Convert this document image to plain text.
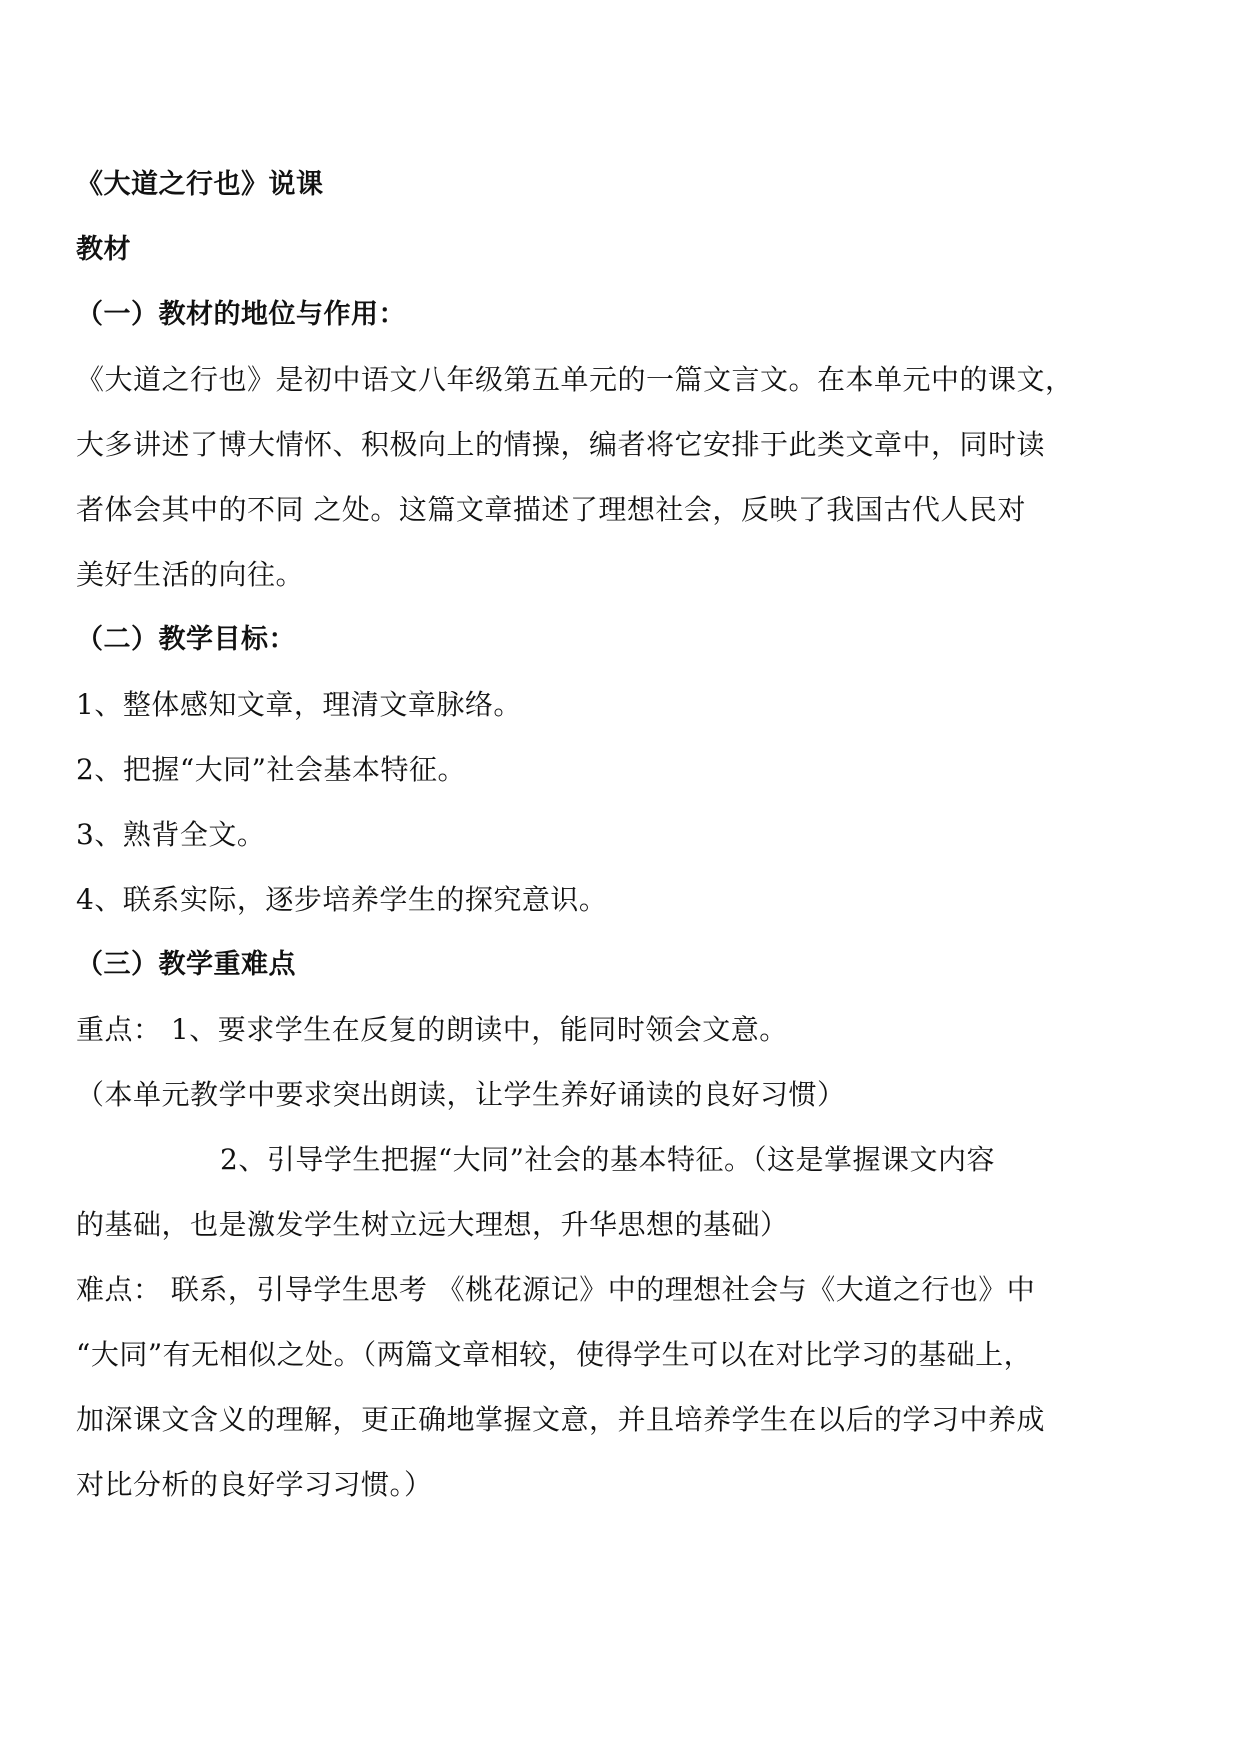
《大道之行也》说课
教材
（一）教材的地位与作用：
《大道之行也》是初中语文八年级第五单元的一篇文言文。在本单元中的课文，
大多讲述了博大情怀、积极向上的情操，编者将它安排于此类文章中，同时读
者体会其中的不同 之处。这篇文章描述了理想社会，反映了我国古代人民对
美好生活的向往。
（二）教学目标：
1、整体感知文章，理清文章脉络。
2、把握“大同”社会基本特征。
3、熟背全文。
4、联系实际，逐步培养学生的探究意识。
（三）教学重难点
重点： 1、要求学生在反复的朗读中，能同时领会文意。
（本单元教学中要求突出朗读，让学生养好诵读的良好习惯）
2、引导学生把握“大同”社会的基本特征。（这是掌握课文内容
的基础，也是激发学生树立远大理想，升华思想的基础）
难点： 联系，引导学生思考 《桃花源记》中的理想社会与《大道之行也》中
“大同”有无相似之处。（两篇文章相较，使得学生可以在对比学习的基础上，
加深课文含义的理解，更正确地掌握文意，并且培养学生在以后的学习中养成
对比分析的良好学习习惯。）
